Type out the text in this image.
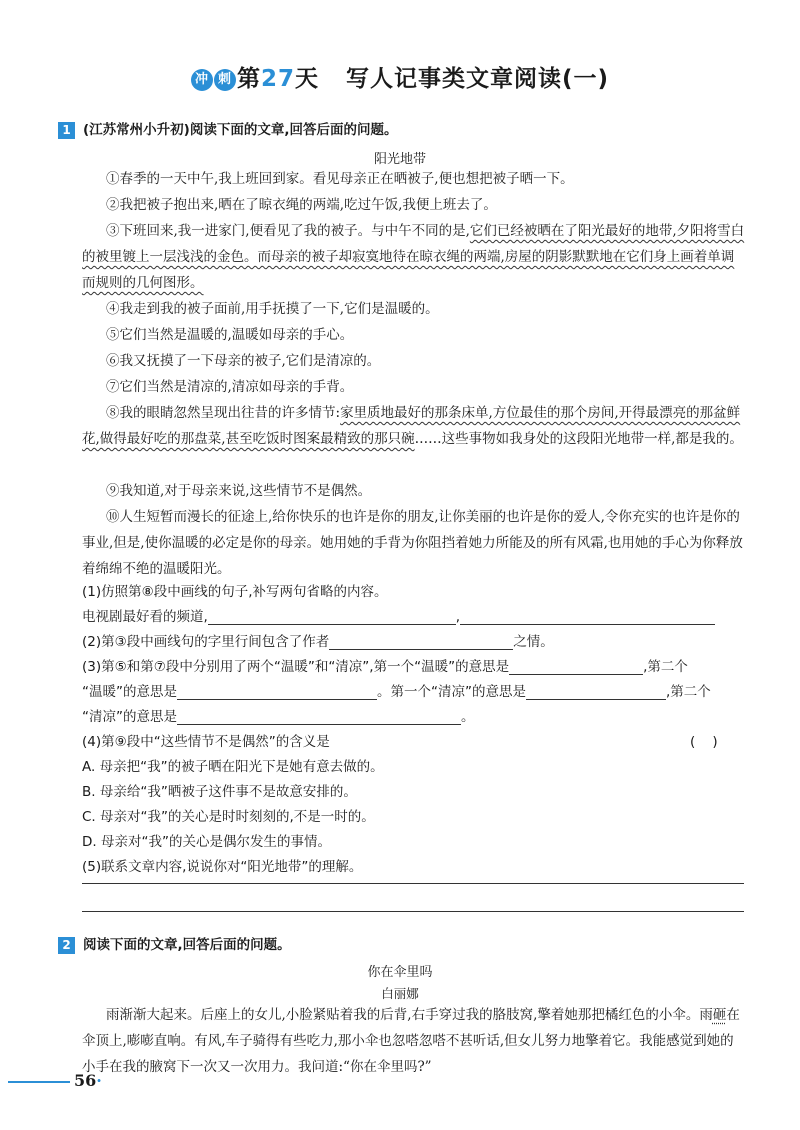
冲 刺 第27天 写人记事类文章阅读(一)
1 (江苏常州小升初)阅读下面的文章,回答后面的问题。
阳光地带
①春季的一天中午,我上班回到家。看见母亲正在晒被子,便也想把被子晒一下。
②我把被子抱出来,晒在了晾衣绳的两端,吃过午饭,我便上班去了。
③下班回来,我一进家门,便看见了我的被子。与中午不同的是,它们已经被晒在了阳光最好的地带,夕阳将雪白的被里镀上一层浅浅的金色。而母亲的被子却寂寞地待在晾衣绳的两端,房屋的阴影默默地在它们身上画着单调而规则的几何图形。
④我走到我的被子面前,用手抚摸了一下,它们是温暖的。
⑤它们当然是温暖的,温暖如母亲的手心。
⑥我又抚摸了一下母亲的被子,它们是清凉的。
⑦它们当然是清凉的,清凉如母亲的手背。
⑧我的眼睛忽然呈现出往昔的许多情节:家里质地最好的那条床单,方位最佳的那个房间,开得最漂亮的那盆鲜花,做得最好吃的那盘菜,甚至吃饭时图案最精致的那只碗……这些事物如我身处的这段阳光地带一样,都是我的。
⑨我知道,对于母亲来说,这些情节不是偶然。
⑩人生短暂而漫长的征途上,给你快乐的也许是你的朋友,让你美丽的也许是你的爱人,令你充实的也许是你的事业,但是,使你温暖的必定是你的母亲。她用她的手背为你阻挡着她力所能及的所有风霜,也用她的手心为你释放着绵绵不绝的温暖阳光。
(1)仿照第⑧段中画线的句子,补写两句省略的内容。
电视剧最好看的频道,	,
(2)第③段中画线句的字里行间包含了作者	之情。
(3)第⑤和第⑦段中分别用了两个“温暖”和“清凉”,第一个“温暖”的意思是	,第二个
“温暖”的意思是	。第一个“清凉”的意思是	,第二个
“清凉”的意思是	。
(4)第⑨段中“这些情节不是偶然”的含义是	(    )
A. 母亲把“我”的被子晒在阳光下是她有意去做的。
B. 母亲给“我”晒被子这件事不是故意安排的。
C. 母亲对“我”的关心是时时刻刻的,不是一时的。
D. 母亲对“我”的关心是偶尔发生的事情。
(5)联系文章内容,说说你对“阳光地带”的理解。
2 阅读下面的文章,回答后面的问题。
你在伞里吗
白丽娜
雨渐渐大起来。后座上的女儿,小脸紧贴着我的后背,右手穿过我的胳肢窝,擎着她那把橘红色的小伞。雨砸在伞顶上,嘭嘭直响。有风,车子骑得有些吃力,那小伞也忽嗒忽嗒不甚听话,但女儿努力地擎着它。我能感觉到她的小手在我的腋窝下一次又一次用力。我问道:“你在伞里吗?”
56·
